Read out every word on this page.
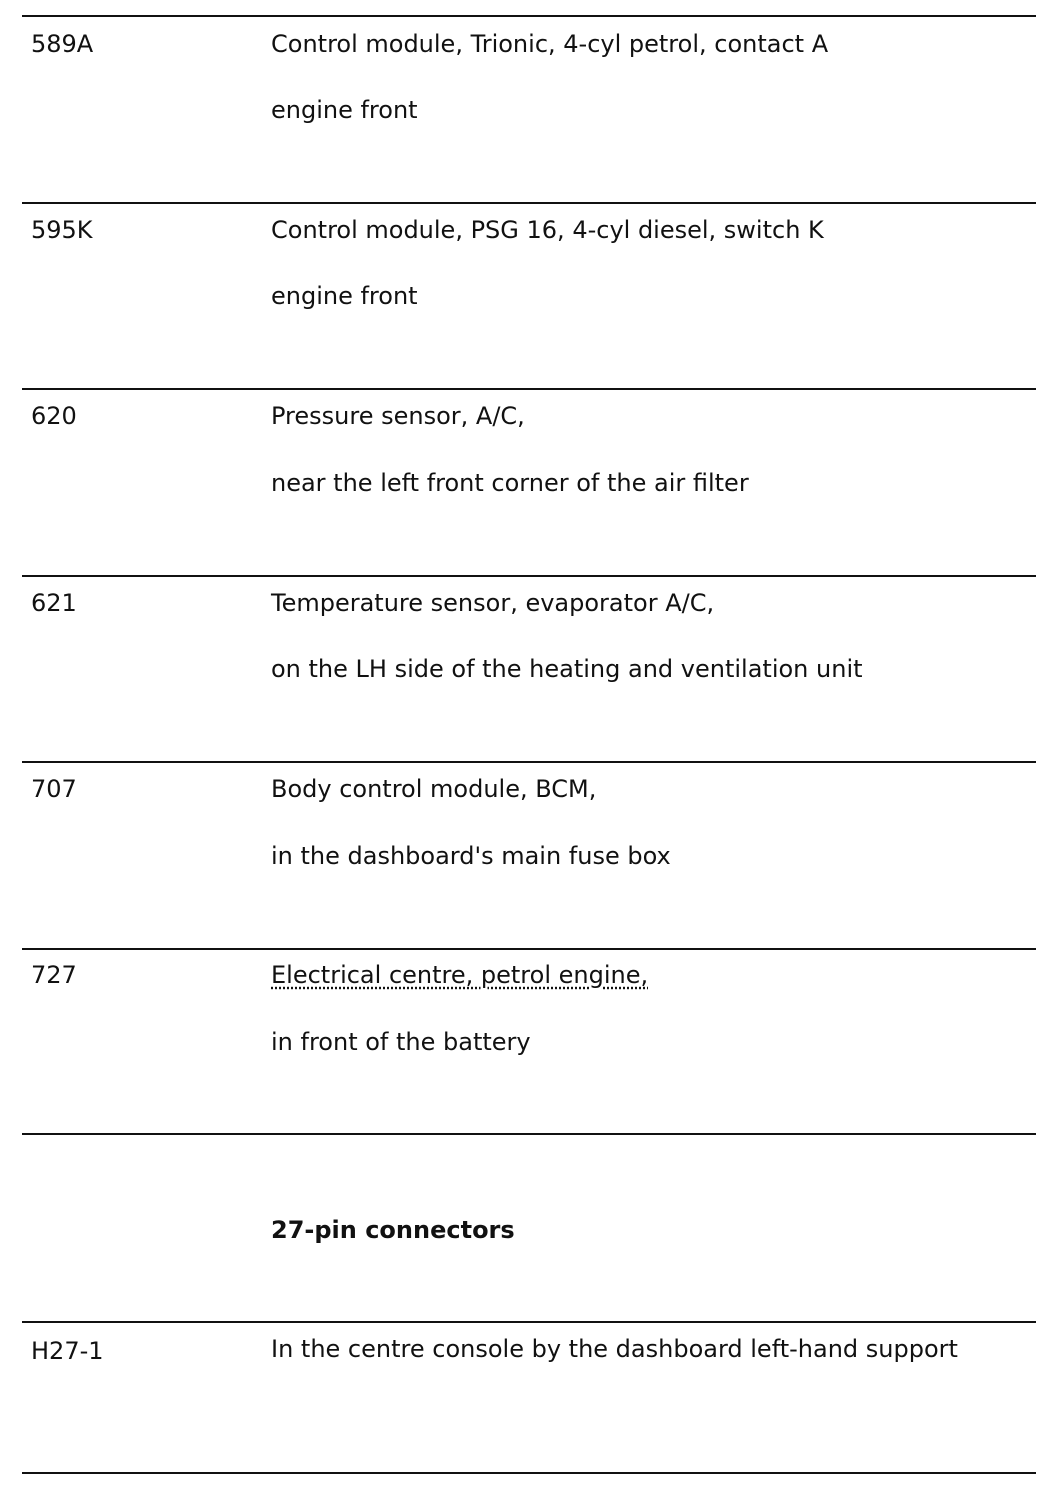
589A	Control module, Trionic, 4-cyl petrol, contact A
engine front
595K	Control module, PSG 16, 4-cyl diesel, switch K
engine front
620	Pressure sensor, A/C,
near the left front corner of the air filter
621	Temperature sensor, evaporator A/C,
on the LH side of the heating and ventilation unit
707	Body control module, BCM,
in the dashboard's main fuse box
727	Electrical centre, petrol engine,
in front of the battery
27-pin connectors
H27-1	In the centre console by the dashboard left-hand support
